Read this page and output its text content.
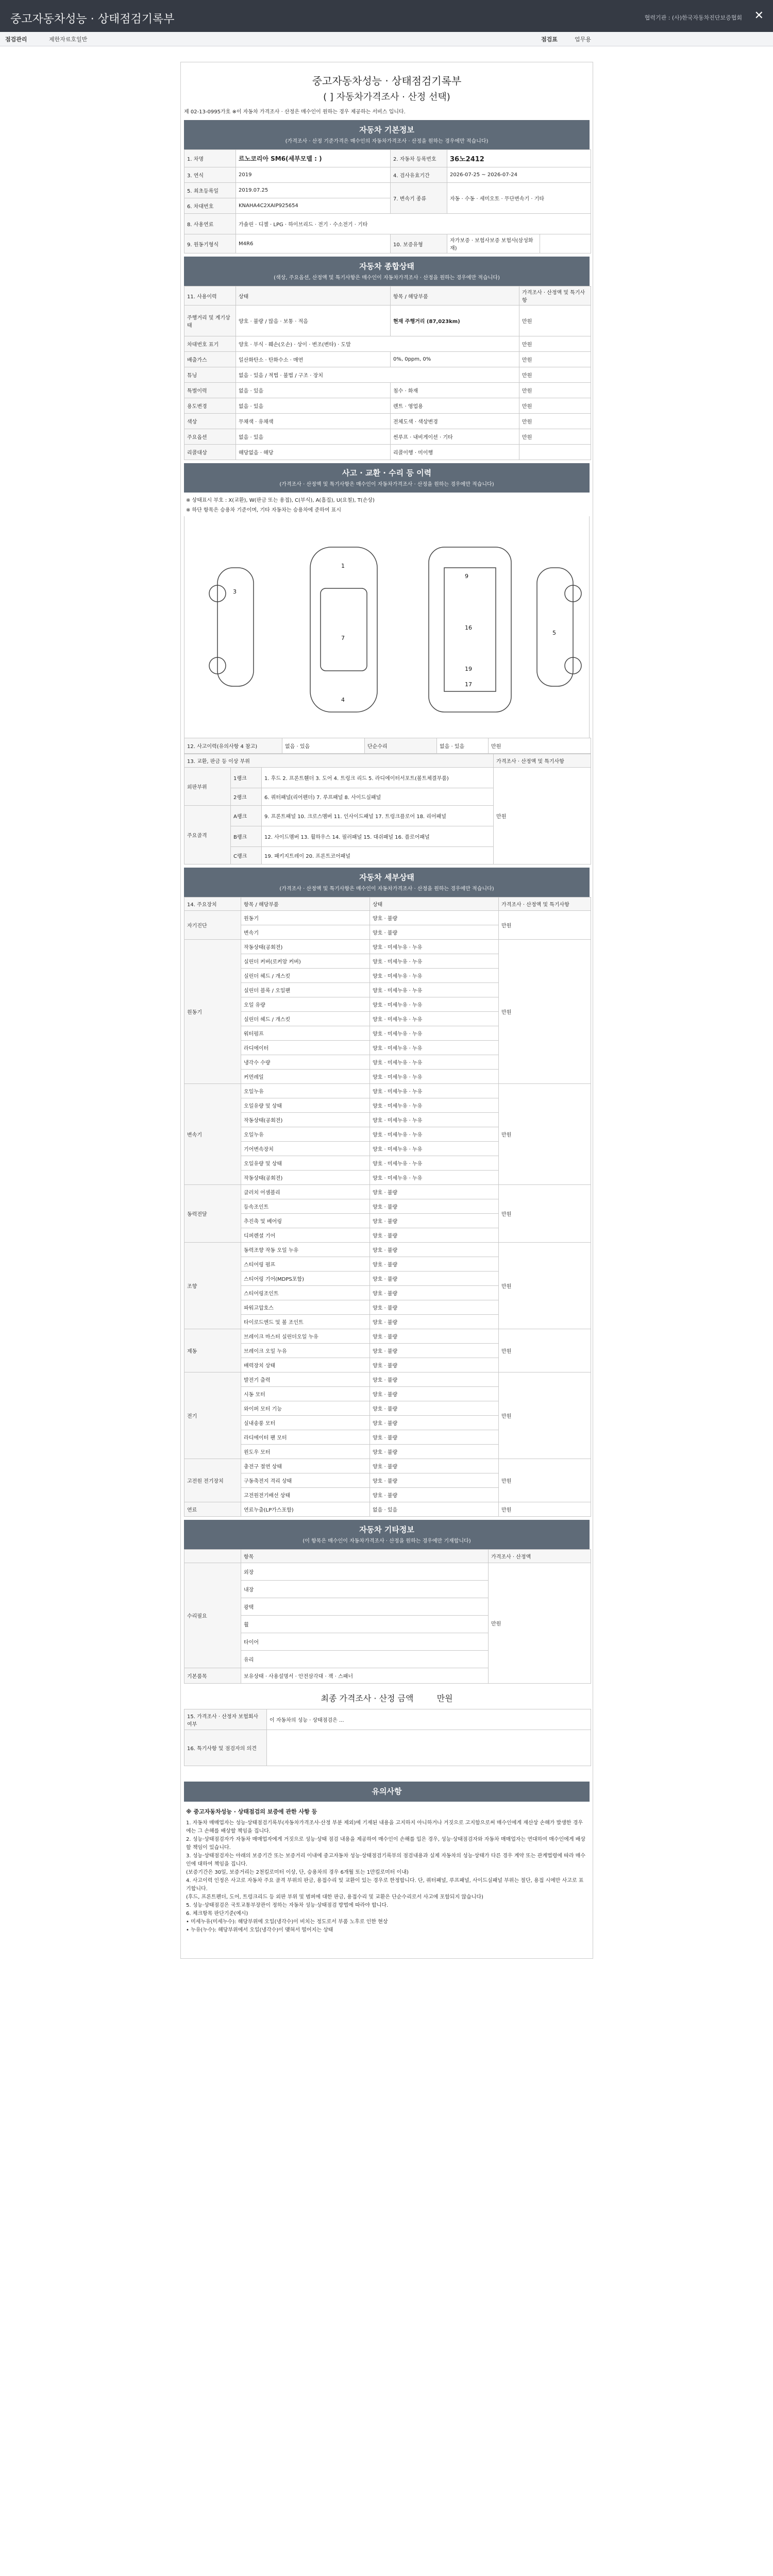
중고자동차성능 · 상태점검기록부	협력기관 : (사)한국자동차진단보증협회 ✕
점검관리	제한자료호일반	점검표	업무용
중고자동차성능 · 상태점검기록부
( ] 자동차가격조사 · 산정 선택)
제 02-13-0995가호 ※이 자동차 가격조사 · 산정은 매수인이 원하는 경우 제공하는 서비스 입니다.
자동차 기본정보
(가격조사 · 산정 기준가격은 매수인의 자동차가격조사 · 산정을 원하는 경우에만 적습니다)
1. 차명	르노코리아 SM6(세부모델 : )	2. 자동차 등록번호	36노2412	
3. 연식	2019	4. 검사유효기간	2026-07-25 ~ 2026-07-24	
5. 최초등록일	2019.07.25	7. 변속기 종류	자동 · 수동 · 세미오토 · 무단변속기 · 기타	
6. 차대번호	KNAHA4C2XAIP925654			
8. 사용연료	가솔린 · 디젤 · LPG · 하이브리드 · 전기 · 수소전기 · 기타			
9. 원동기형식	M4R6	10. 보증유형	자가보증 · 보험사보증 보험사(삼성화재)	
자동차 종합상태
(색상, 주요옵션, 산정액 및 특기사항은 매수인이 자동차가격조사 · 산정을 원하는 경우에만 적습니다)
11. 사용이력	상태	항목 / 해당부품	가격조사 · 산정액 및 특기사항
주행거리 및 계기상태	양호 · 불량 / 많음 · 보통 · 적음	현재 주행거리 (87,023km)	만원
차대번호 표기	양호 · 부식 · 훼손(오손) · 상이 · 변조(변타) · 도말		만원
배출가스	일산화탄소 · 탄화수소 · 매연	0%, 0ppm, 0%	만원
튜닝	없음 · 있음 / 적법 · 불법 / 구조 · 장치		만원
특별이력	없음 · 있음	침수 · 화재	만원
용도변경	없음 · 있음	렌트 · 영업용	만원
색상	무채색 · 유채색	전체도색 · 색상변경	만원
주요옵션	없음 · 있음	썬루프 · 내비게이션 · 기타	만원
리콜대상	해당없음 · 해당	리콜이행 · 미이행	
사고 · 교환 · 수리 등 이력
(가격조사 · 산정액 및 특기사항은 매수인이 자동차가격조사 · 산정을 원하는 경우에만 적습니다)
※ 상태표시 부호 : X(교환), W(판금 또는 용접), C(부식), A(흠집), U(요철), T(손상)
※ 하단 항목은 승용차 기준이며, 기타 자동차는 승용차에 준하여 표시
1
3
7
4
9
16
17
19
5
12. 사고이력(유의사항 4 참고)	없음 · 있음	단순수리	없음 · 있음	만원
13. 교환, 판금 등 이상 부위			가격조사 · 산정액 및 특기사항
외판부위	1랭크	1. 후드 2. 프론트휀더 3. 도어 4. 트렁크 리드 5. 라디에이터서포트(볼트체결부품)	만원
	2랭크	6. 쿼터패널(리어펜더) 7. 루프패널 8. 사이드실패널	
주요골격	A랭크	9. 프론트패널 10. 크로스멤버 11. 인사이드패널 17. 트렁크플로어 18. 리어패널	
	B랭크	12. 사이드멤버 13. 휠하우스 14. 필러패널 15. 대쉬패널 16. 플로어패널	
	C랭크	19. 패키지트레이 20. 프론트코어패널	
자동차 세부상태
(가격조사 · 산정액 및 특기사항은 매수인이 자동차가격조사 · 산정을 원하는 경우에만 적습니다)
14. 주요장치	항목 / 해당부품	상태	가격조사 · 산정액 및 특기사항
자기진단	원동기	양호 · 불량	만원
	변속기	양호 · 불량	
원동기	작동상태(공회전)	양호 · 미세누유 · 누유	만원
	실린더 커버(로커암 커버)	양호 · 미세누유 · 누유	
	실린더 헤드 / 개스킷	양호 · 미세누유 · 누유	
	실린더 블록 / 오일팬	양호 · 미세누유 · 누유	
	오일 유량	양호 · 미세누유 · 누유	
	실린더 헤드 / 개스킷	양호 · 미세누유 · 누유	
	워터펌프	양호 · 미세누유 · 누유	
	라디에이터	양호 · 미세누유 · 누유	
	냉각수 수량	양호 · 미세누유 · 누유	
	커먼레일	양호 · 미세누유 · 누유	
변속기	오일누유	양호 · 미세누유 · 누유	만원
	오일유량 및 상태	양호 · 미세누유 · 누유	
	작동상태(공회전)	양호 · 미세누유 · 누유	
	오일누유	양호 · 미세누유 · 누유	
	기어변속장치	양호 · 미세누유 · 누유	
	오일유량 및 상태	양호 · 미세누유 · 누유	
	작동상태(공회전)	양호 · 미세누유 · 누유	
동력전달	클러치 어셈블리	양호 · 불량	만원
	등속조인트	양호 · 불량	
	추진축 및 베어링	양호 · 불량	
	디퍼렌셜 기어	양호 · 불량	
조향	동력조향 작동 오일 누유	양호 · 불량	만원
	스티어링 펌프	양호 · 불량	
	스티어링 기어(MDPS포함)	양호 · 불량	
	스티어링조인트	양호 · 불량	
	파워고압호스	양호 · 불량	
	타이로드엔드 및 볼 조인트	양호 · 불량	
제동	브레이크 마스터 실린더오일 누유	양호 · 불량	만원
	브레이크 오일 누유	양호 · 불량	
	배력장치 상태	양호 · 불량	
전기	발전기 출력	양호 · 불량	만원
	시동 모터	양호 · 불량	
	와이퍼 모터 기능	양호 · 불량	
	실내송풍 모터	양호 · 불량	
	라디에이터 팬 모터	양호 · 불량	
	윈도우 모터	양호 · 불량	
고전원 전기장치	충전구 절연 상태	양호 · 불량	만원
	구동축전지 격리 상태	양호 · 불량	
	고전원전기배선 상태	양호 · 불량	
연료	연료누출(LP가스포함)	없음 · 있음	만원
자동차 기타정보
(이 항목은 매수인이 자동차가격조사 · 산정을 원하는 경우에만 기재합니다)
	항목	가격조사 · 산정액
수리필요	외장	만원
	내장	
	광택	
	휠	
	타이어	
	유리	
기본품목	보유상태 · 사용설명서 · 안전삼각대 · 잭 · 스패너	
최종 가격조사 · 산정 금액	만원
15. 가격조사 · 산정자 보험회사 여부	이 자동차의 성능 · 상태점검은 ...
16. 특기사항 및 점검자의 의견	
유의사항
※ 중고자동차성능 · 상태점검의 보증에 관한 사항 등
1. 자동차 매매업자는 성능·상태점검기록부(자동차가격조사·산정 부분 제외)에 기재된 내용을 고지하지 아니하거나 거짓으로 고지함으로써 매수인에게 재산상 손해가 발생한 경우에는 그 손해를 배상할 책임을 집니다.
2. 성능·상태점검자가 자동차 매매업자에게 거짓으로 성능·상태 점검 내용을 제공하여 매수인이 손해를 입은 경우, 성능·상태점검자와 자동차 매매업자는 연대하여 매수인에게 배상할 책임이 있습니다.
3. 성능·상태점검자는 아래의 보증기간 또는 보증거리 이내에 중고자동차 성능·상태점검기록부의 점검내용과 실제 자동차의 성능·상태가 다른 경우 계약 또는 관계법령에 따라 매수인에 대하여 책임을 집니다.
(보증기간은 30일, 보증거리는 2천킬로미터 이상, 단, 승용차의 경우 6개월 또는 1만킬로미터 이내)
4. 사고이력 인정은 사고로 자동차 주요 골격 부위의 판금, 용접수리 및 교환이 있는 경우로 한정합니다. 단, 쿼터패널, 루프패널, 사이드실패널 부위는 절단, 용접 시에만 사고로 표기합니다.
(후드, 프론트펜더, 도어, 트렁크리드 등 외판 부위 및 범퍼에 대한 판금, 용접수리 및 교환은 단순수리로서 사고에 포함되지 않습니다)
5. 성능·상태점검은 국토교통부장관이 정하는 자동차 성능·상태점검 방법에 따라야 합니다.
6. 체크항목 판단기준(예시)
• 미세누유(미세누수): 해당부위에 오일(냉각수)이 비치는 정도로서 부품 노후로 인한 현상
• 누유(누수): 해당부위에서 오일(냉각수)이 맺혀서 떨어지는 상태
